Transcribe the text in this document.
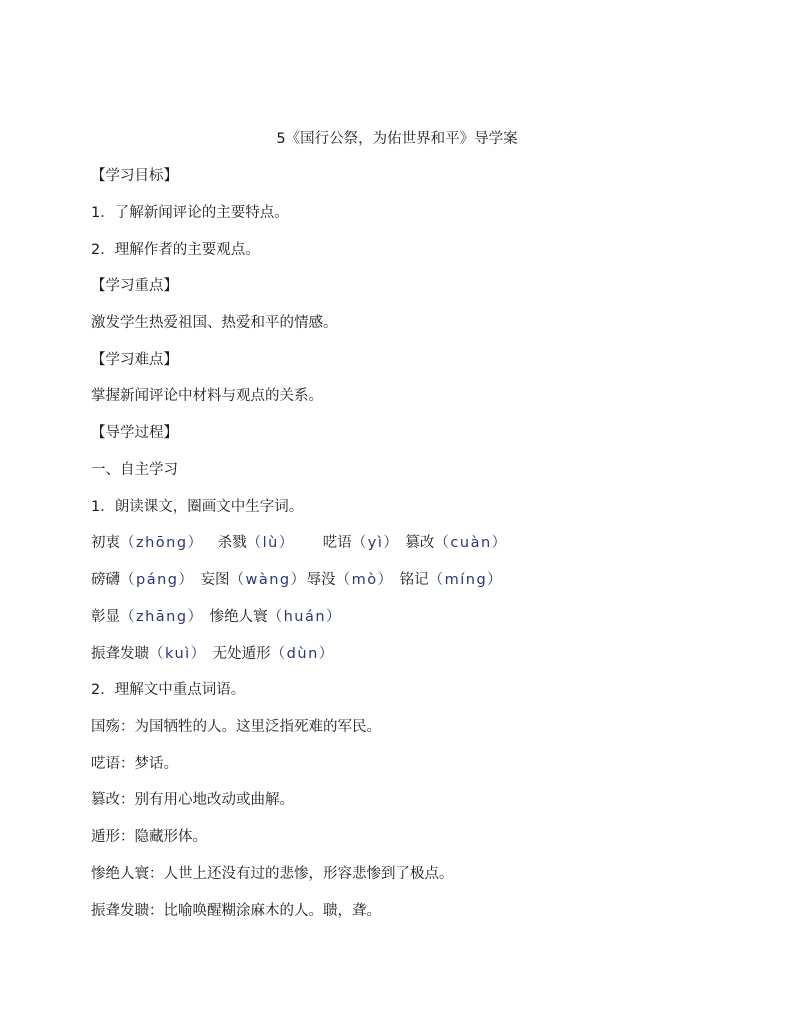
5《国行公祭，为佑世界和平》导学案
【学习目标】
1．了解新闻评论的主要特点。
2．理解作者的主要观点。
【学习重点】
激发学生热爱祖国、热爱和平的情感。
【学习难点】
掌握新闻评论中材料与观点的关系。
【导学过程】
一、自主学习
1．朗读课文，圈画文中生字词。
初衷（zhōng） 杀戮（lù） 呓语（yì） 篡改（cuàn）
磅礴（páng） 妄图（wàng）辱没（mò） 铭记（míng）
彰显（zhāng） 惨绝人寰（huán）
振聋发聩（kuì） 无处遁形（dùn）
2．理解文中重点词语。
国殇：为国牺牲的人。这里泛指死难的军民。
呓语：梦话。
篡改：别有用心地改动或曲解。
遁形：隐藏形体。
惨绝人寰：人世上还没有过的悲惨，形容悲惨到了极点。
振聋发聩：比喻唤醒糊涂麻木的人。聩，聋。
